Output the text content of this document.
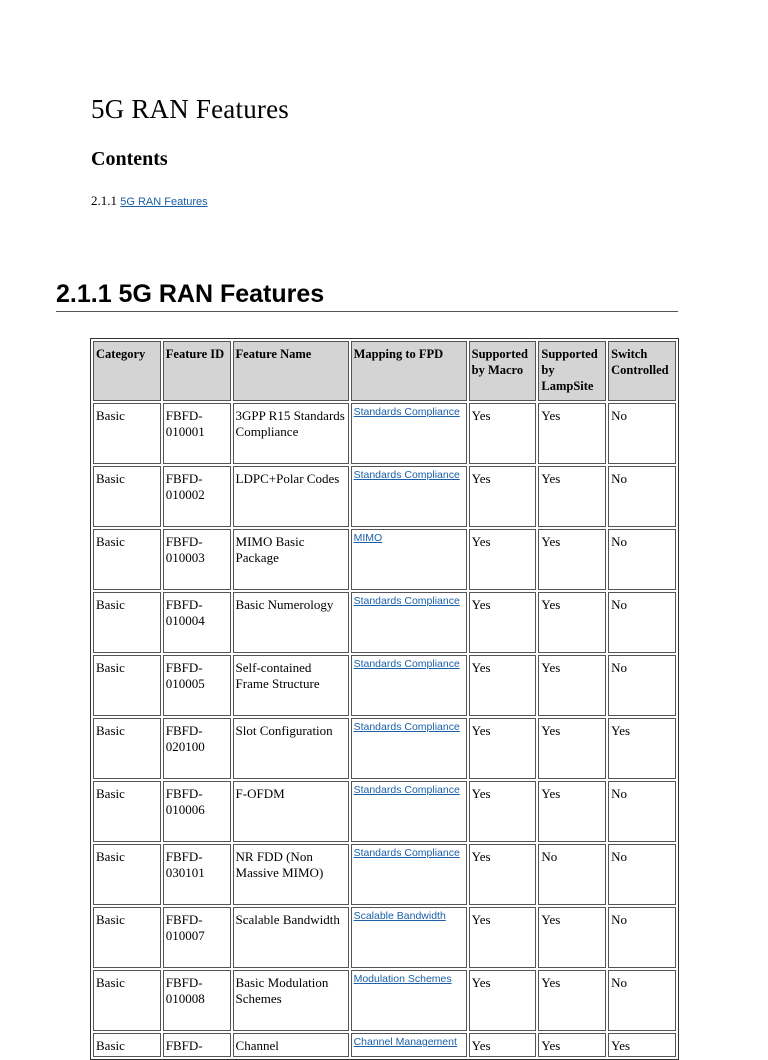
5G RAN Features
Contents
2.1.1 5G RAN Features
2.1.1 5G RAN Features
Category	Feature ID	Feature Name	Mapping to FPD	Supported by Macro	Supported by LampSite	Switch Controlled
Basic	FBFD-010001	3GPP R15 Standards Compliance	Standards Compliance	Yes	Yes	No
Basic	FBFD-010002	LDPC+Polar Codes	Standards Compliance	Yes	Yes	No
Basic	FBFD-010003	MIMO Basic Package	MIMO	Yes	Yes	No
Basic	FBFD-010004	Basic Numerology	Standards Compliance	Yes	Yes	No
Basic	FBFD-010005	Self-contained Frame Structure	Standards Compliance	Yes	Yes	No
Basic	FBFD-020100	Slot Configuration	Standards Compliance	Yes	Yes	Yes
Basic	FBFD-010006	F-OFDM	Standards Compliance	Yes	Yes	No
Basic	FBFD-030101	NR FDD (Non Massive MIMO)	Standards Compliance	Yes	No	No
Basic	FBFD-010007	Scalable Bandwidth	Scalable Bandwidth	Yes	Yes	No
Basic	FBFD-010008	Basic Modulation Schemes	Modulation Schemes	Yes	Yes	No
Basic	FBFD-	Channel	Channel Management	Yes	Yes	Yes
